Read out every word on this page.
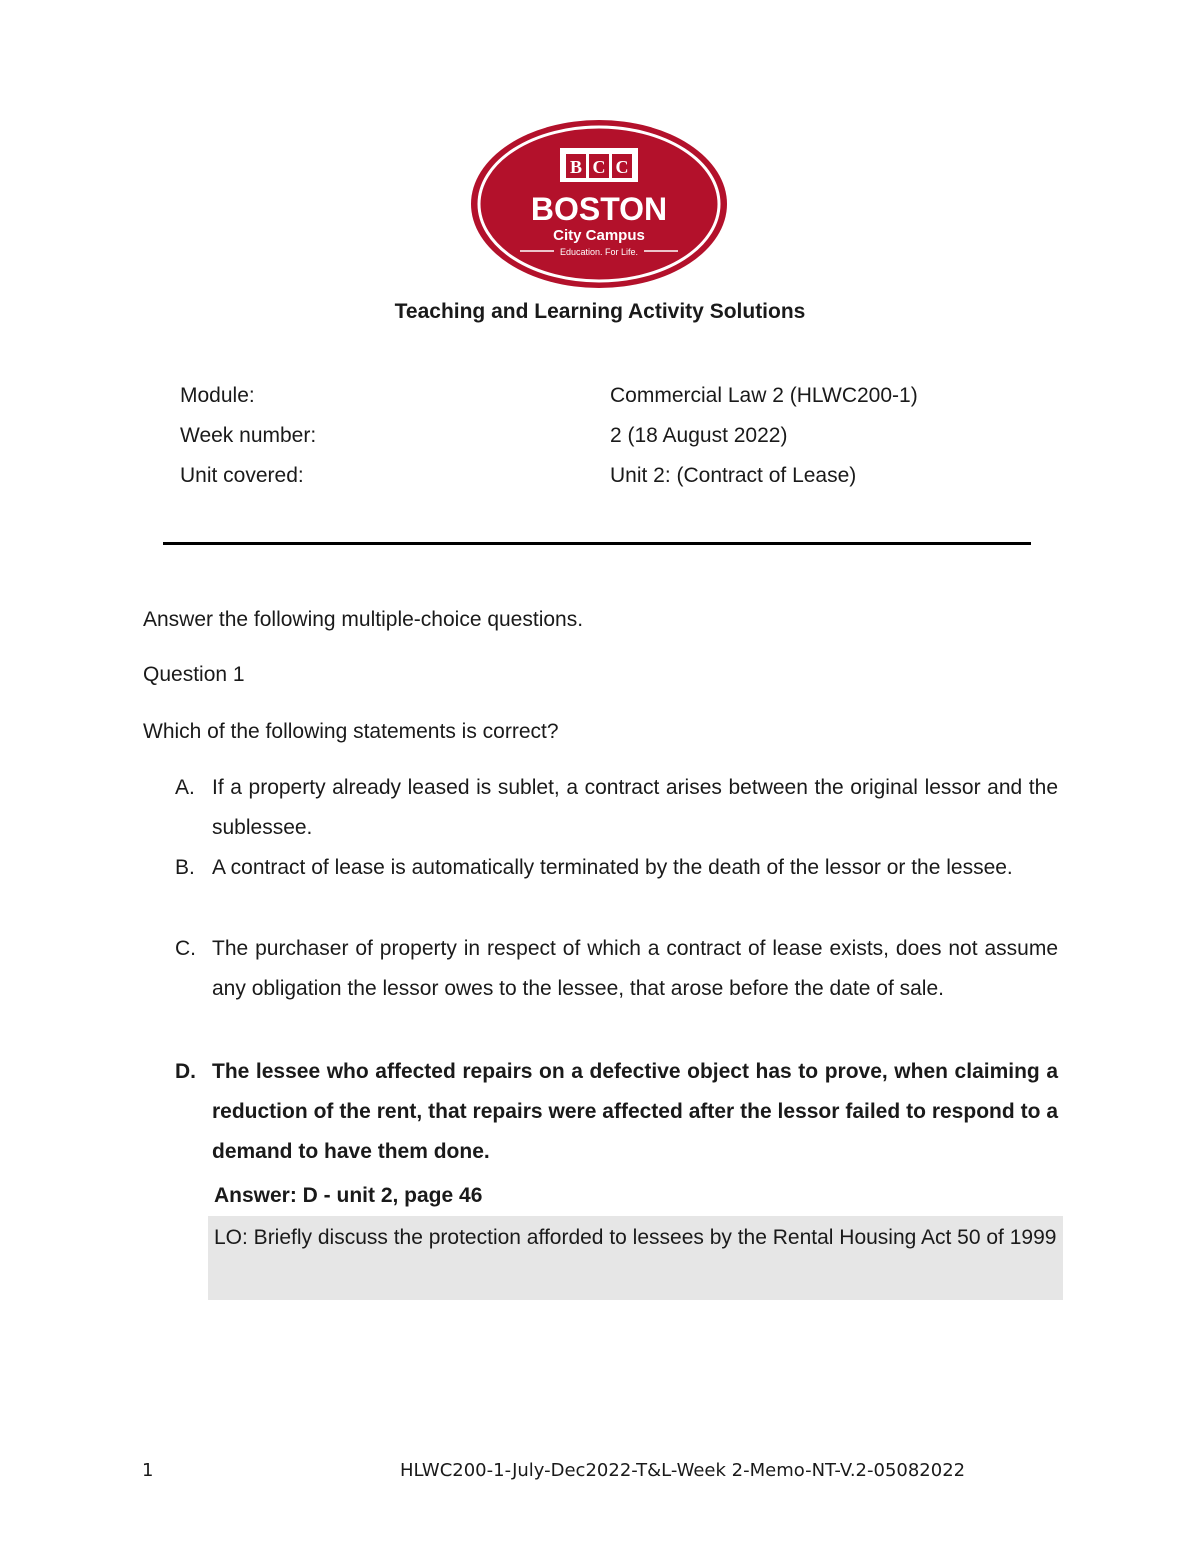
B C C
BOSTON
City Campus
Education. For Life.
Teaching and Learning Activity Solutions
Module:	Commercial Law 2 (HLWC200-1)
Week number:	2 (18 August 2022)
Unit covered:	Unit 2: (Contract of Lease)
Answer the following multiple-choice questions.
Question 1
Which of the following statements is correct?
A. If a property already leased is sublet, a contract arises between the original lessor and the sublessee.
B. A contract of lease is automatically terminated by the death of the lessor or the lessee.
C. The purchaser of property in respect of which a contract of lease exists, does not assume any obligation the lessor owes to the lessee, that arose before the date of sale.
D. The lessee who affected repairs on a defective object has to prove, when claiming a reduction of the rent, that repairs were affected after the lessor failed to respond to a demand to have them done.
Answer: D - unit 2, page 46
LO: Briefly discuss the protection afforded to lessees by the Rental Housing Act 50 of 1999
1	HLWC200-1-July-Dec2022-T&L-Week 2-Memo-NT-V.2-05082022
